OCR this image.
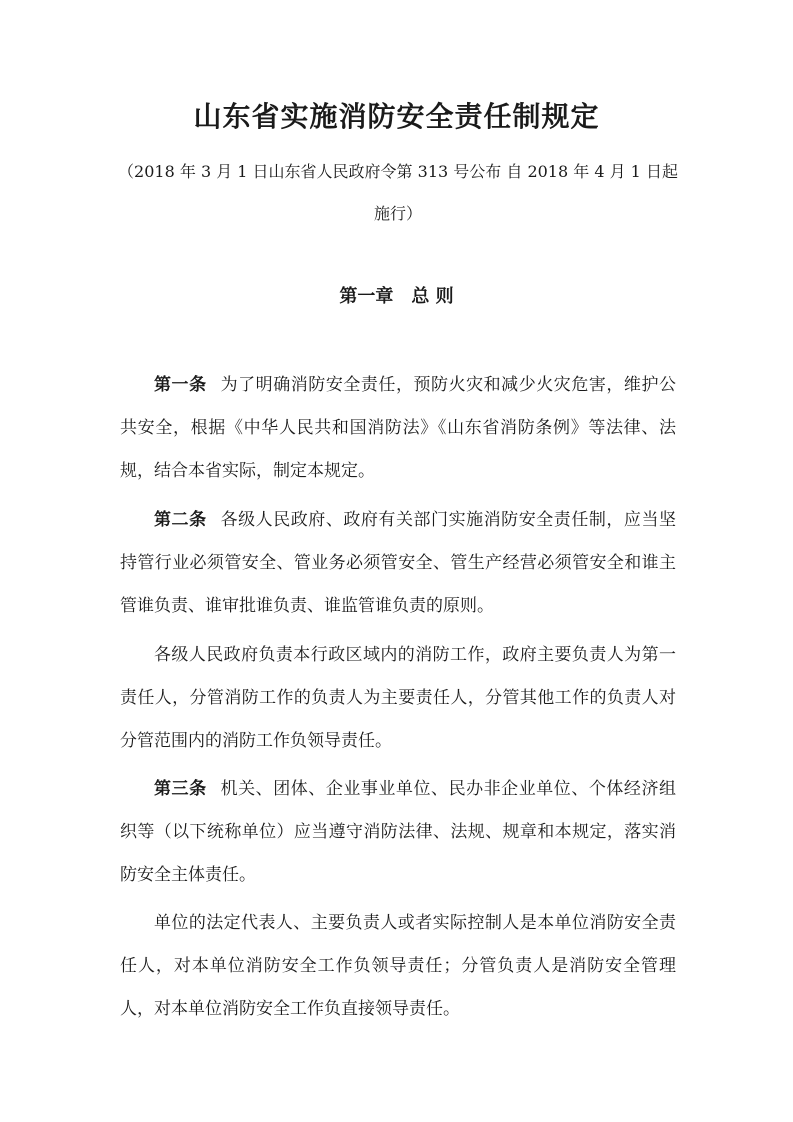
山东省实施消防安全责任制规定
（2018 年 3 月 1 日山东省人民政府令第 313 号公布 自 2018 年 4 月 1 日起施行）
第一章　总 则

第一条 为了明确消防安全责任，预防火灾和减少火灾危害，维护公共安全，根据《中华人民共和国消防法》《山东省消防条例》等法律、法规，结合本省实际，制定本规定。

第二条 各级人民政府、政府有关部门实施消防安全责任制，应当坚持管行业必须管安全、管业务必须管安全、管生产经营必须管安全和谁主管谁负责、谁审批谁负责、谁监管谁负责的原则。

各级人民政府负责本行政区域内的消防工作，政府主要负责人为第一责任人，分管消防工作的负责人为主要责任人，分管其他工作的负责人对分管范围内的消防工作负领导责任。

第三条 机关、团体、企业事业单位、民办非企业单位、个体经济组织等（以下统称单位）应当遵守消防法律、法规、规章和本规定，落实消防安全主体责任。

单位的法定代表人、主要负责人或者实际控制人是本单位消防安全责任人，对本单位消防安全工作负领导责任；分管负责人是消防安全管理人，对本单位消防安全工作负直接领导责任。
